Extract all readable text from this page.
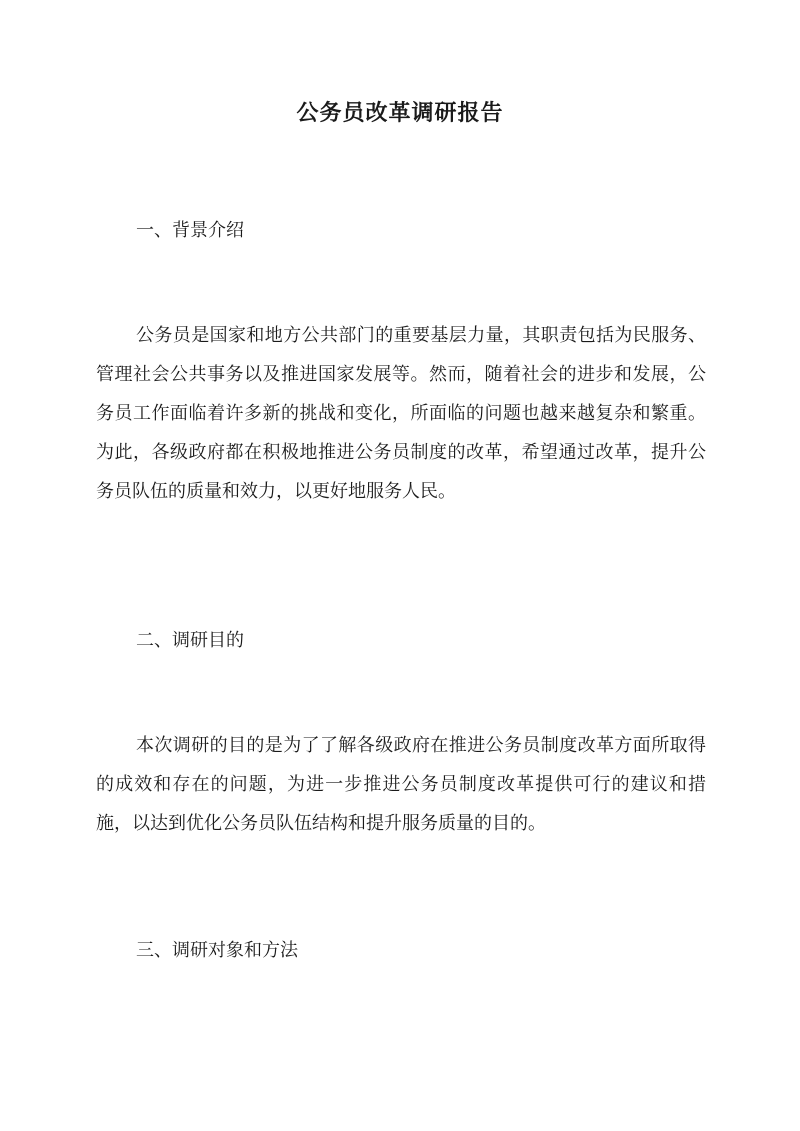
公务员改革调研报告
一、背景介绍
公务员是国家和地方公共部门的重要基层力量，其职责包括为民服务、管理社会公共事务以及推进国家发展等。然而，随着社会的进步和发展，公务员工作面临着许多新的挑战和变化，所面临的问题也越来越复杂和繁重。为此，各级政府都在积极地推进公务员制度的改革，希望通过改革，提升公务员队伍的质量和效力，以更好地服务人民。
二、调研目的
本次调研的目的是为了了解各级政府在推进公务员制度改革方面所取得的成效和存在的问题，为进一步推进公务员制度改革提供可行的建议和措施，以达到优化公务员队伍结构和提升服务质量的目的。
三、调研对象和方法
